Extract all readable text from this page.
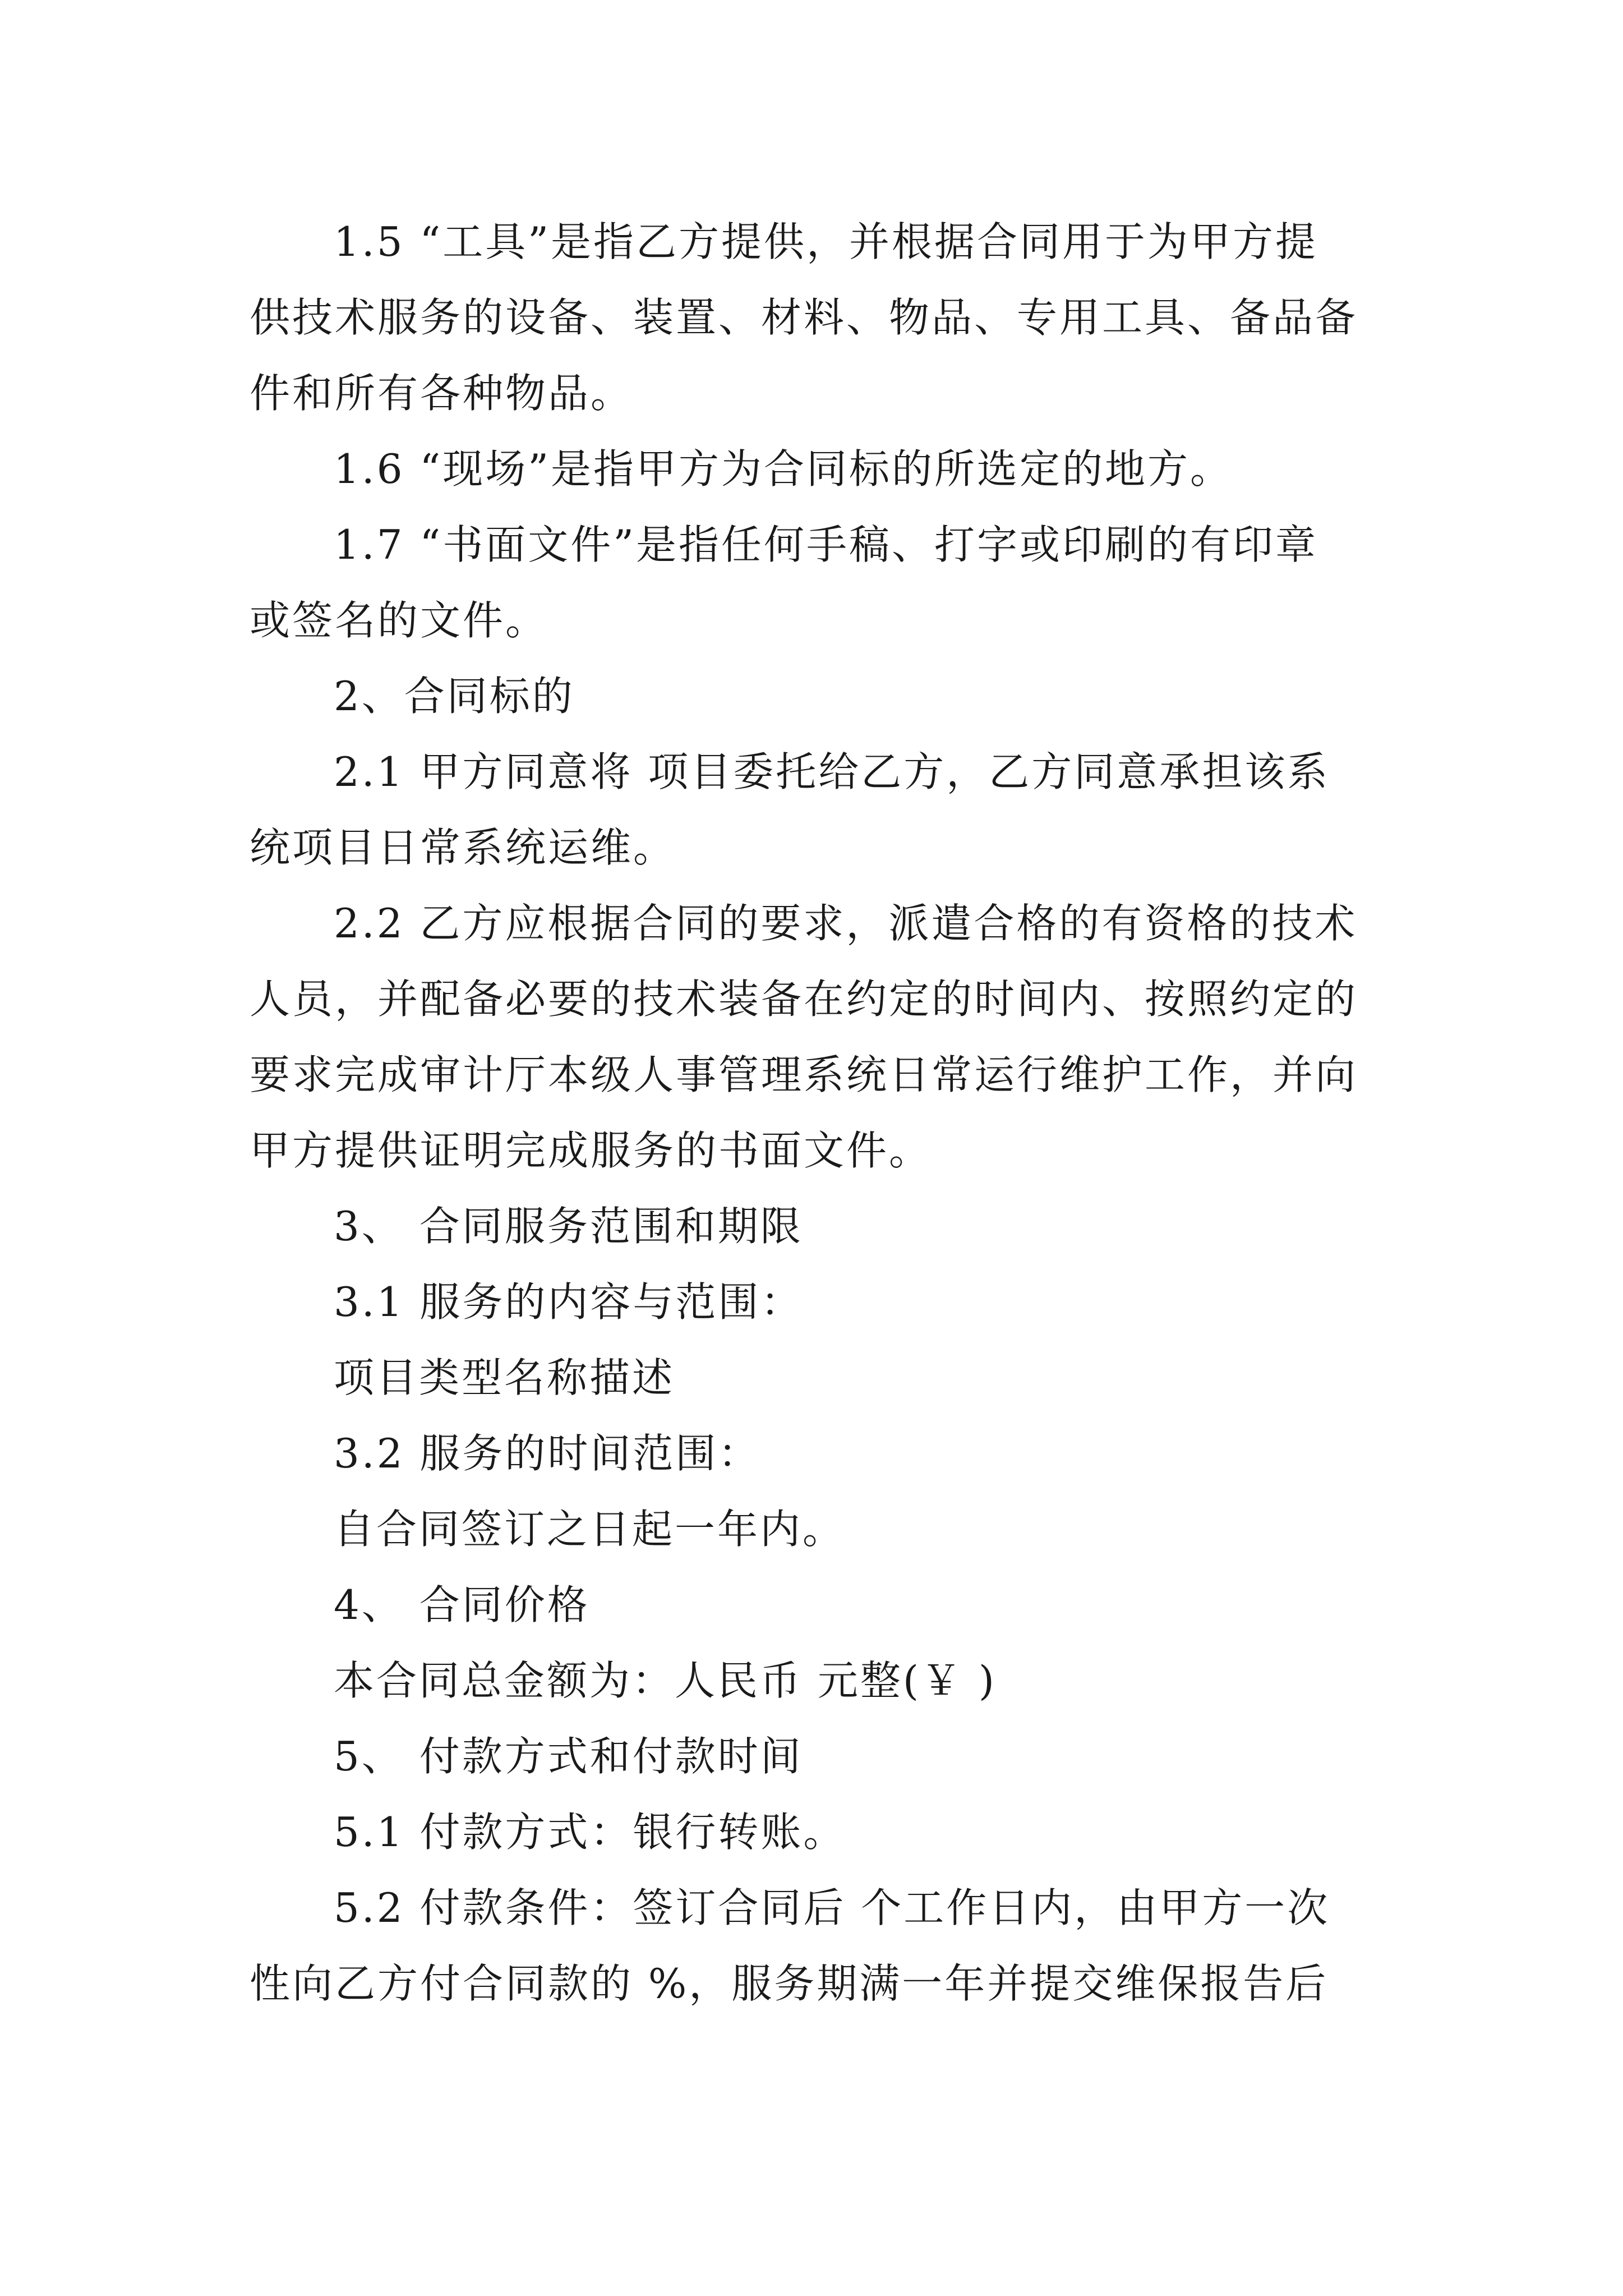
1.5 “工具”是指乙方提供，并根据合同用于为甲方提
供技术服务的设备、装置、材料、物品、专用工具、备品备
件和所有各种物品。
1.6 “现场”是指甲方为合同标的所选定的地方。
1.7 “书面文件”是指任何手稿、打字或印刷的有印章
或签名的文件。
2、合同标的
2.1 甲方同意将 项目委托给乙方，乙方同意承担该系
统项目日常系统运维。
2.2 乙方应根据合同的要求，派遣合格的有资格的技术
人员，并配备必要的技术装备在约定的时间内、按照约定的
要求完成审计厅本级人事管理系统日常运行维护工作，并向
甲方提供证明完成服务的书面文件。
3、 合同服务范围和期限
3.1 服务的内容与范围：
项目类型名称描述
3.2 服务的时间范围：
自合同签订之日起一年内。
4、 合同价格
本合同总金额为：人民币 元整(￥ )
5、 付款方式和付款时间
5.1 付款方式：银行转账。
5.2 付款条件：签订合同后 个工作日内，由甲方一次
性向乙方付合同款的 %，服务期满一年并提交维保报告后
